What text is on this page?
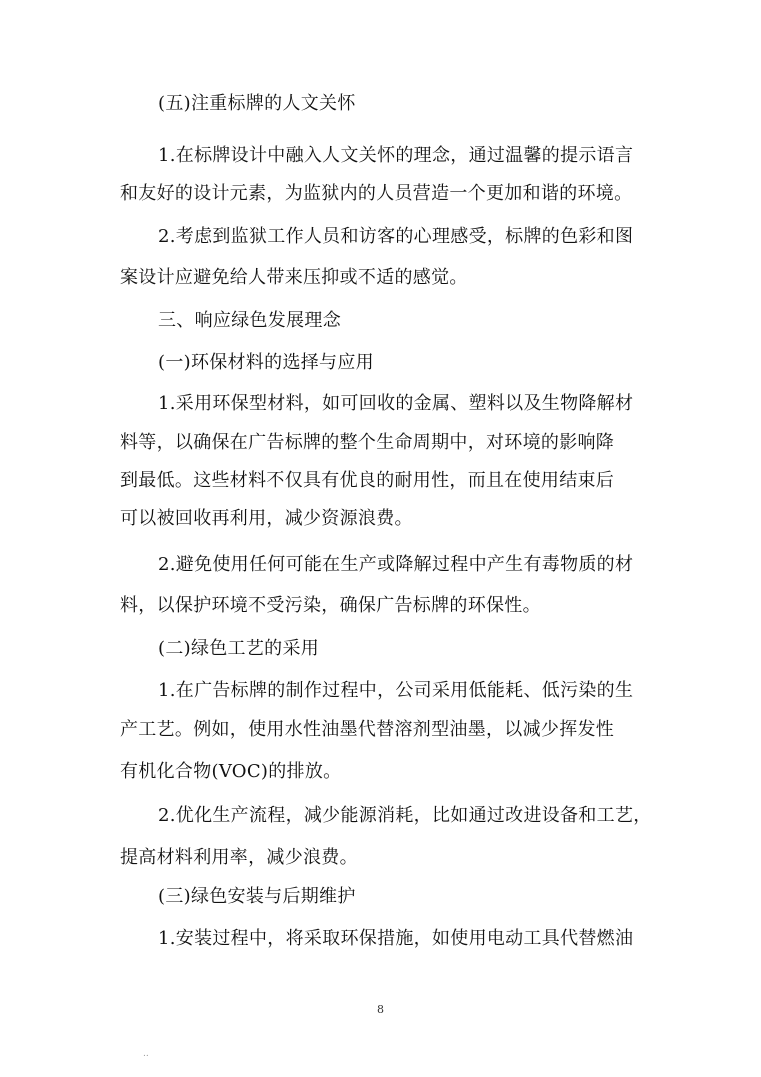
(五)注重标牌的人文关怀
1.在标牌设计中融入人文关怀的理念，通过温馨的提示语言
和友好的设计元素，为监狱内的人员营造一个更加和谐的环境。
2.考虑到监狱工作人员和访客的心理感受，标牌的色彩和图
案设计应避免给人带来压抑或不适的感觉。
三、响应绿色发展理念
(一)环保材料的选择与应用
1.采用环保型材料，如可回收的金属、塑料以及生物降解材
料等，以确保在广告标牌的整个生命周期中，对环境的影响降
到最低。这些材料不仅具有优良的耐用性，而且在使用结束后
可以被回收再利用，减少资源浪费。
2.避免使用任何可能在生产或降解过程中产生有毒物质的材
料，以保护环境不受污染，确保广告标牌的环保性。
(二)绿色工艺的采用
1.在广告标牌的制作过程中，公司采用低能耗、低污染的生
产工艺。例如，使用水性油墨代替溶剂型油墨，以减少挥发性
有机化合物(VOC)的排放。
2.优化生产流程，减少能源消耗，比如通过改进设备和工艺，
提高材料利用率，减少浪费。
(三)绿色安装与后期维护
1.安装过程中，将采取环保措施，如使用电动工具代替燃油
8
..
